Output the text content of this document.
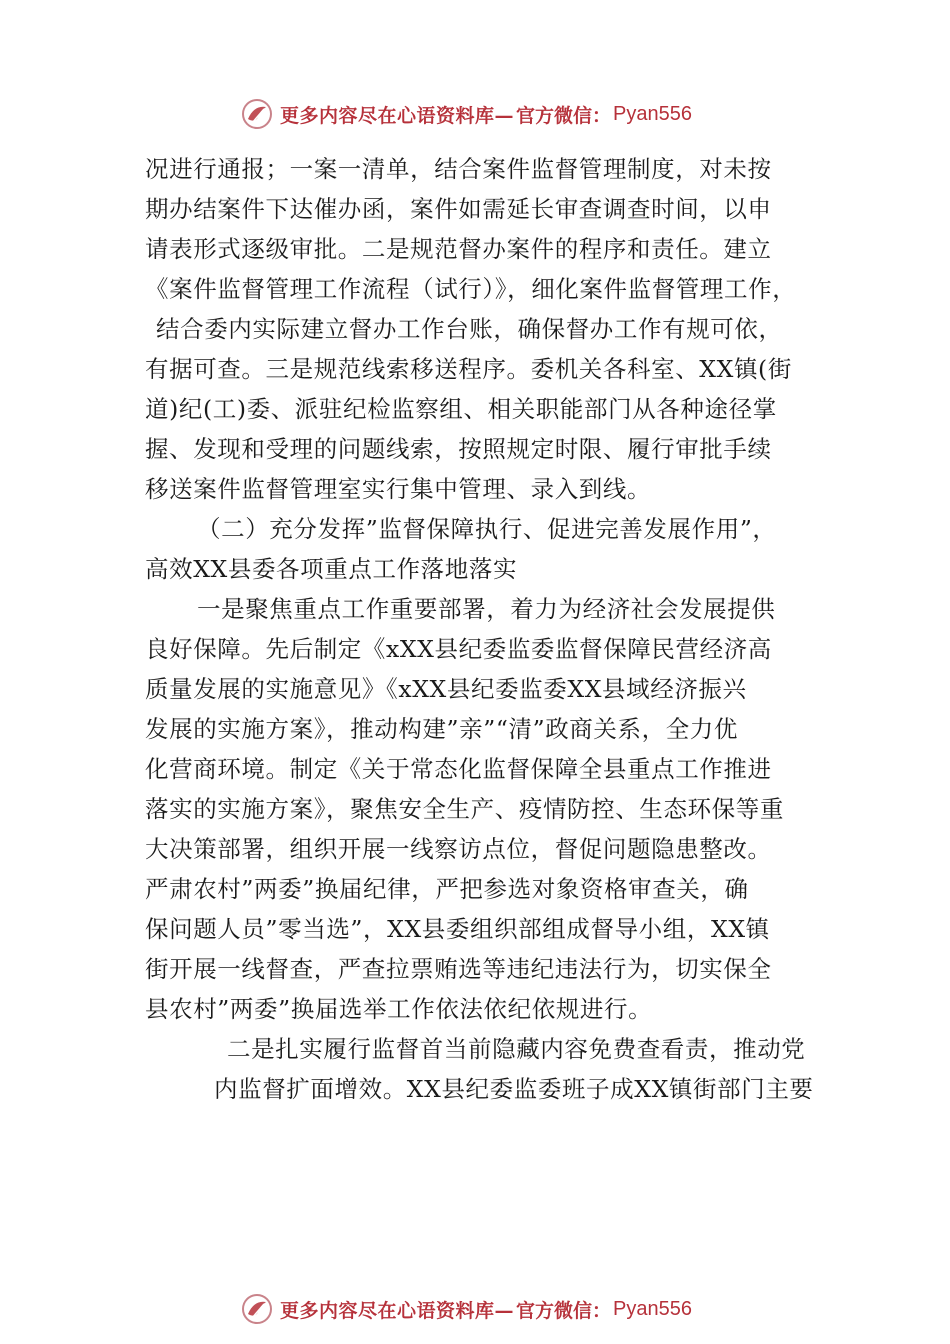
更多内容尽在心语资料库— 官方微信： Pyan556
况进行通报；一案一清单，结合案件监督管理制度，对未按
期办结案件下达催办函，案件如需延长审查调查时间，以申
请表形式逐级审批。二是规范督办案件的程序和责任。建立
《案件监督管理工作流程（试行）》，细化案件监督管理工作，
结合委内实际建立督办工作台账，确保督办工作有规可依，
有据可查。三是规范线索移送程序。委机关各科室、XX镇(街
道)纪(工)委、派驻纪检监察组、相关职能部门从各种途径掌
握、发现和受理的问题线索，按照规定时限、履行审批手续
移送案件监督管理室实行集中管理、录入到线。
（二）充分发挥”监督保障执行、促进完善发展作用”，
高效XX县委各项重点工作落地落实
一是聚焦重点工作重要部署，着力为经济社会发展提供
良好保障。先后制定《xXX县纪委监委监督保障民营经济高
质量发展的实施意见》《xXX县纪委监委XX县域经济振兴
发展的实施方案》，推动构建”亲”“清”政商关系，全力优
化营商环境。制定《关于常态化监督保障全县重点工作推进
落实的实施方案》，聚焦安全生产、疫情防控、生态环保等重
大决策部署，组织开展一线察访点位，督促问题隐患整改。
严肃农村”两委”换届纪律，严把参选对象资格审查关，确
保问题人员”零当选”，XX县委组织部组成督导小组，XX镇
街开展一线督查，严查拉票贿选等违纪违法行为，切实保全
县农村”两委”换届选举工作依法依纪依规进行。
二是扎实履行监督首当前隐藏内容免费查看责，推动党
内监督扩面增效。XX县纪委监委班子成XX镇街部门主要
更多内容尽在心语资料库— 官方微信： Pyan556
